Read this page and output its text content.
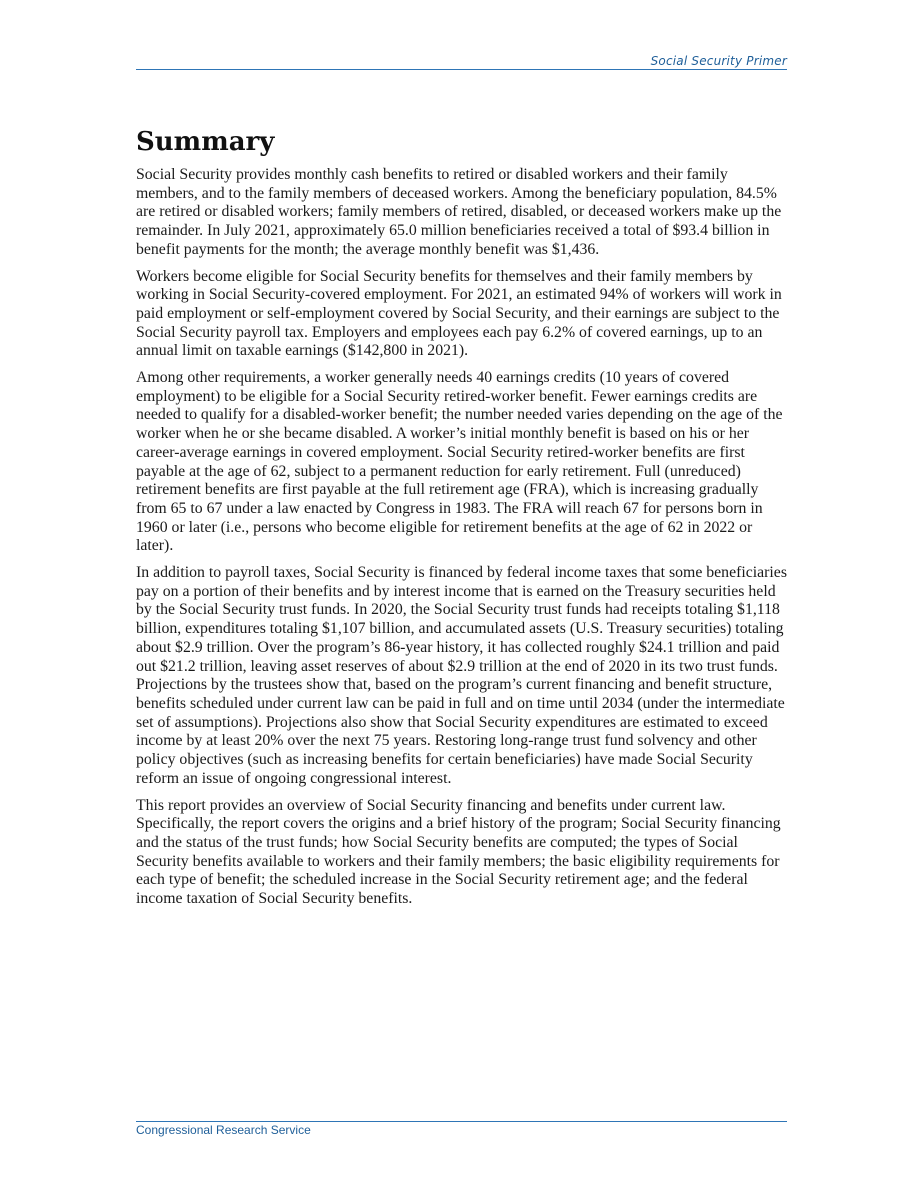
Social Security Primer
Summary

Social Security provides monthly cash benefits to retired or disabled workers and their family members, and to the family members of deceased workers. Among the beneficiary population, 84.5% are retired or disabled workers; family members of retired, disabled, or deceased workers make up the remainder. In July 2021, approximately 65.0 million beneficiaries received a total of $93.4 billion in benefit payments for the month; the average monthly benefit was $1,436.

Workers become eligible for Social Security benefits for themselves and their family members by working in Social Security-covered employment. For 2021, an estimated 94% of workers will work in paid employment or self-employment covered by Social Security, and their earnings are subject to the Social Security payroll tax. Employers and employees each pay 6.2% of covered earnings, up to an annual limit on taxable earnings ($142,800 in 2021).

Among other requirements, a worker generally needs 40 earnings credits (10 years of covered employment) to be eligible for a Social Security retired-worker benefit. Fewer earnings credits are needed to qualify for a disabled-worker benefit; the number needed varies depending on the age of the worker when he or she became disabled. A worker’s initial monthly benefit is based on his or her career-average earnings in covered employment. Social Security retired-worker benefits are first payable at the age of 62, subject to a permanent reduction for early retirement. Full (unreduced) retirement benefits are first payable at the full retirement age (FRA), which is increasing gradually from 65 to 67 under a law enacted by Congress in 1983. The FRA will reach 67 for persons born in 1960 or later (i.e., persons who become eligible for retirement benefits at the age of 62 in 2022 or later).

In addition to payroll taxes, Social Security is financed by federal income taxes that some beneficiaries pay on a portion of their benefits and by interest income that is earned on the Treasury securities held by the Social Security trust funds. In 2020, the Social Security trust funds had receipts totaling $1,118 billion, expenditures totaling $1,107 billion, and accumulated assets (U.S. Treasury securities) totaling about $2.9 trillion. Over the program’s 86-year history, it has collected roughly $24.1 trillion and paid out $21.2 trillion, leaving asset reserves of about $2.9 trillion at the end of 2020 in its two trust funds. Projections by the trustees show that, based on the program’s current financing and benefit structure, benefits scheduled under current law can be paid in full and on time until 2034 (under the intermediate set of assumptions). Projections also show that Social Security expenditures are estimated to exceed income by at least 20% over the next 75 years. Restoring long-range trust fund solvency and other policy objectives (such as increasing benefits for certain beneficiaries) have made Social Security reform an issue of ongoing congressional interest.

This report provides an overview of Social Security financing and benefits under current law. Specifically, the report covers the origins and a brief history of the program; Social Security financing and the status of the trust funds; how Social Security benefits are computed; the types of Social Security benefits available to workers and their family members; the basic eligibility requirements for each type of benefit; the scheduled increase in the Social Security retirement age; and the federal income taxation of Social Security benefits.

Congressional Research Service
